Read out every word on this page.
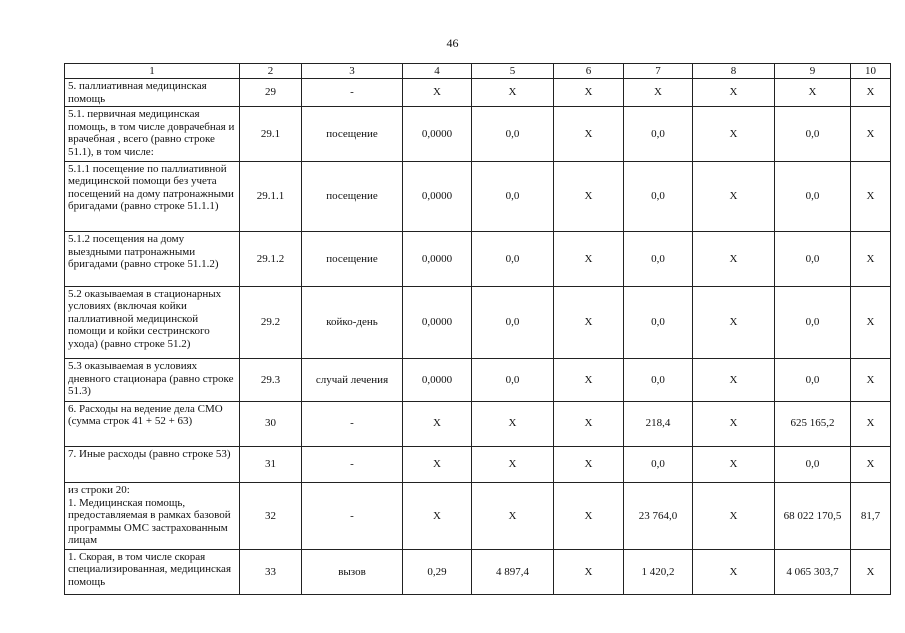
46
1	2	3	4	5	6	7	8	9	10
5. паллиативная медицинская помощь	29	-	X	X	X	X	X	X	X
5.1. первичная медицинская помощь, в том числе доврачебная и врачебная , всего (равно строке 51.1), в том числе:	29.1	посещение	0,0000	0,0	X	0,0	X	0,0	X
5.1.1 посещение по паллиативной медицинской помощи без учета посещений на дому патронажными бригадами (равно строке 51.1.1)	29.1.1	посещение	0,0000	0,0	X	0,0	X	0,0	X
5.1.2 посещения на дому выездными патронажными бригадами (равно строке 51.1.2)	29.1.2	посещение	0,0000	0,0	X	0,0	X	0,0	X
5.2 оказываемая в стационарных условиях (включая койки паллиативной медицинской помощи и койки сестринского ухода) (равно строке 51.2)	29.2	койко-день	0,0000	0,0	X	0,0	X	0,0	X
5.3 оказываемая в условиях дневного стационара (равно строке 51.3)	29.3	случай лечения	0,0000	0,0	X	0,0	X	0,0	X
6. Расходы на ведение дела СМО (сумма строк 41 + 52 + 63)	30	-	X	X	X	218,4	X	625 165,2	X
7. Иные расходы (равно строке 53)	31	-	X	X	X	0,0	X	0,0	X
из строки 20:
1. Медицинская помощь, предоставляемая в рамках базовой программы ОМС застрахованным лицам	32	-	X	X	X	23 764,0	X	68 022 170,5	81,7
1. Скорая, в том числе скорая специализированная, медицинская помощь	33	вызов	0,29	4 897,4	X	1 420,2	X	4 065 303,7	X
